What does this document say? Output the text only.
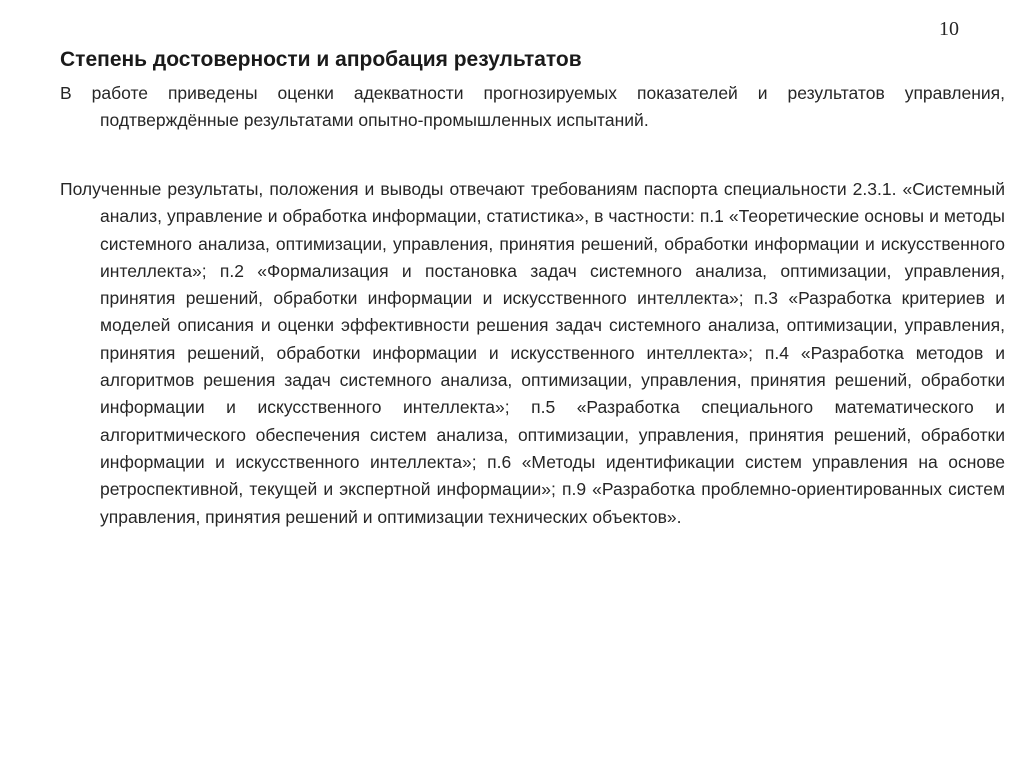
10
Степень достоверности и апробация результатов

В работе приведены оценки адекватности прогнозируемых показателей и результатов управления, подтверждённые результатами опытно-промышленных испытаний.

Полученные результаты, положения и выводы отвечают требованиям паспорта специальности 2.3.1. «Системный анализ, управление и обработка информации, статистика», в частности: п.1 «Теоретические основы и методы системного анализа, оптимизации, управления, принятия решений, обработки информации и искусственного интеллекта»; п.2 «Формализация и постановка задач системного анализа, оптимизации, управления, принятия решений, обработки информации и искусственного интеллекта»; п.3 «Разработка критериев и моделей описания и оценки эффективности решения задач системного анализа, оптимизации, управления, принятия решений, обработки информации и искусственного интеллекта»; п.4 «Разработка методов и алгоритмов решения задач системного анализа, оптимизации, управления, принятия решений, обработки информации и искусственного интеллекта»; п.5 «Разработка специального математического и алгоритмического обеспечения систем анализа, оптимизации, управления, принятия решений, обработки информации и искусственного интеллекта»; п.6 «Методы идентификации систем управления на основе ретроспективной, текущей и экспертной информации»; п.9 «Разработка проблемно-ориентированных систем управления, принятия решений и оптимизации технических объектов».
